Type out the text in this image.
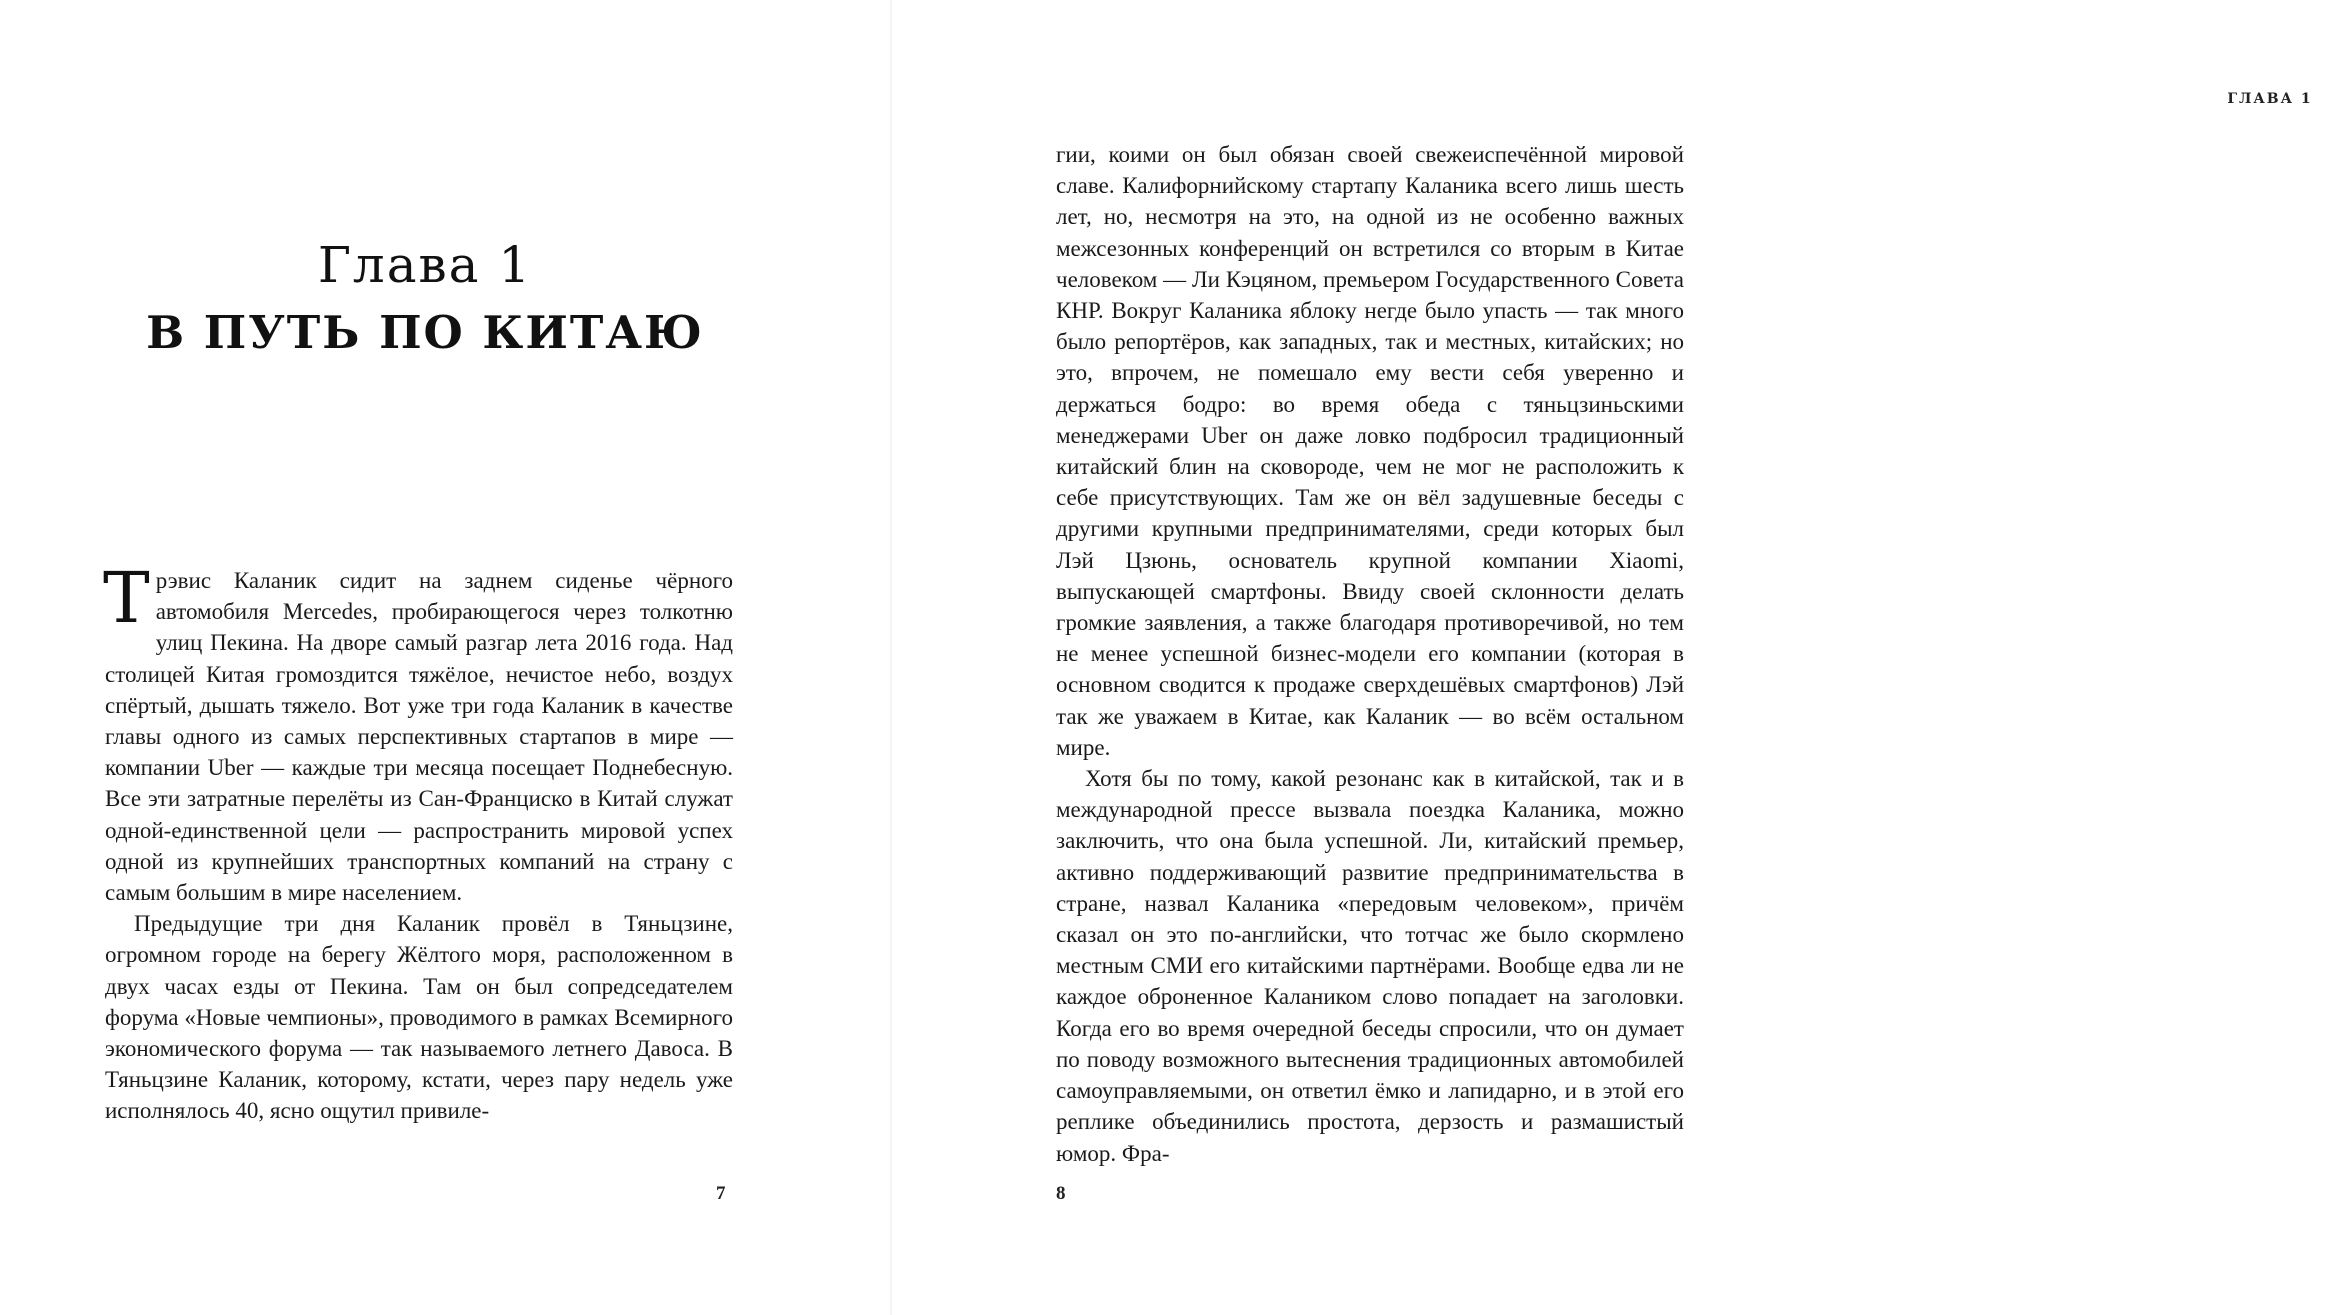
Глава 1
В ПУТЬ ПО КИТАЮ

Трэвис Каланик сидит на заднем сиденье чёрного автомобиля Mercedes, пробирающегося через толкотню улиц Пекина. На дворе самый разгар лета 2016 года. Над столицей Китая громоздится тяжёлое, нечистое небо, воздух спёртый, дышать тяжело. Вот уже три года Каланик в качестве главы одного из самых перспективных стартапов в мире — компании Uber — каждые три месяца посещает Поднебесную. Все эти затратные перелёты из Сан-Франциско в Китай служат одной-единственной цели — распространить мировой успех одной из крупнейших транспортных компаний на страну с самым большим в мире населением.

Предыдущие три дня Каланик провёл в Тяньцзине, огромном городе на берегу Жёлтого моря, расположенном в двух часах езды от Пекина. Там он был сопредседателем форума «Новые чемпионы», проводимого в рамках Всемирного экономического форума — так называемого летнего Давоса. В Тяньцзине Каланик, которому, кстати, через пару недель уже исполнялось 40, ясно ощутил привиле-

7
ГЛАВА 1

гии, коими он был обязан своей свежеиспечённой мировой славе. Калифорнийскому стартапу Каланика всего лишь шесть лет, но, несмотря на это, на одной из не особенно важных межсезонных конференций он встретился со вторым в Китае человеком — Ли Кэцяном, премьером Государственного Совета КНР. Вокруг Каланика яблоку негде было упасть — так много было репортёров, как западных, так и местных, китайских; но это, впрочем, не помешало ему вести себя уверенно и держаться бодро: во время обеда с тяньцзиньскими менеджерами Uber он даже ловко подбросил традиционный китайский блин на сковороде, чем не мог не расположить к себе присутствующих. Там же он вёл задушевные беседы с другими крупными предпринимателями, среди которых был Лэй Цзюнь, основатель крупной компании Xiaomi, выпускающей смартфоны. Ввиду своей склонности делать громкие заявления, а также благодаря противоречивой, но тем не менее успешной бизнес-модели его компании (которая в основном сводится к продаже сверхдешёвых смартфонов) Лэй так же уважаем в Китае, как Каланик — во всём остальном мире.

Хотя бы по тому, какой резонанс как в китайской, так и в международной прессе вызвала поездка Каланика, можно заключить, что она была успешной. Ли, китайский премьер, активно поддерживающий развитие предпринимательства в стране, назвал Каланика «передовым человеком», причём сказал он это по-английски, что тотчас же было скормлено местным СМИ его китайскими партнёрами. Вообще едва ли не каждое оброненное Калаником слово попадает на заголовки. Когда его во время очередной беседы спросили, что он думает по поводу возможного вытеснения традиционных автомобилей самоуправляемыми, он ответил ёмко и лапидарно, и в этой его реплике объединились простота, дерзость и размашистый юмор. Фра-

8
